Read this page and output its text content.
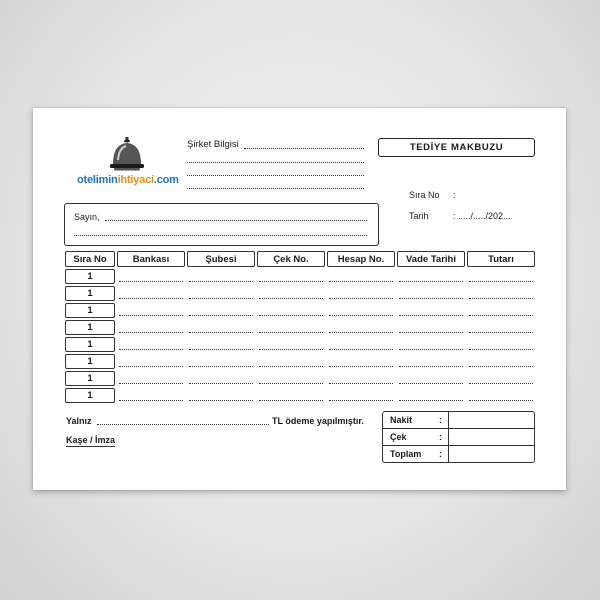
oteliminihtiyaci.com
Şirket Bilgisi	TEDİYE MAKBUZU
Sıra No :
Tarih	: ...../...../202...
Sayın,
Sıra No	Bankası	Şubesi	Çek No.	Hesap No.	Vade Tarihi	Tutarı
1
1
1
1
1
1
1
1
Yalnız	TL ödeme yapılmıştır.
Kaşe / İmza
Nakit	:
Çek	:
Toplam :
